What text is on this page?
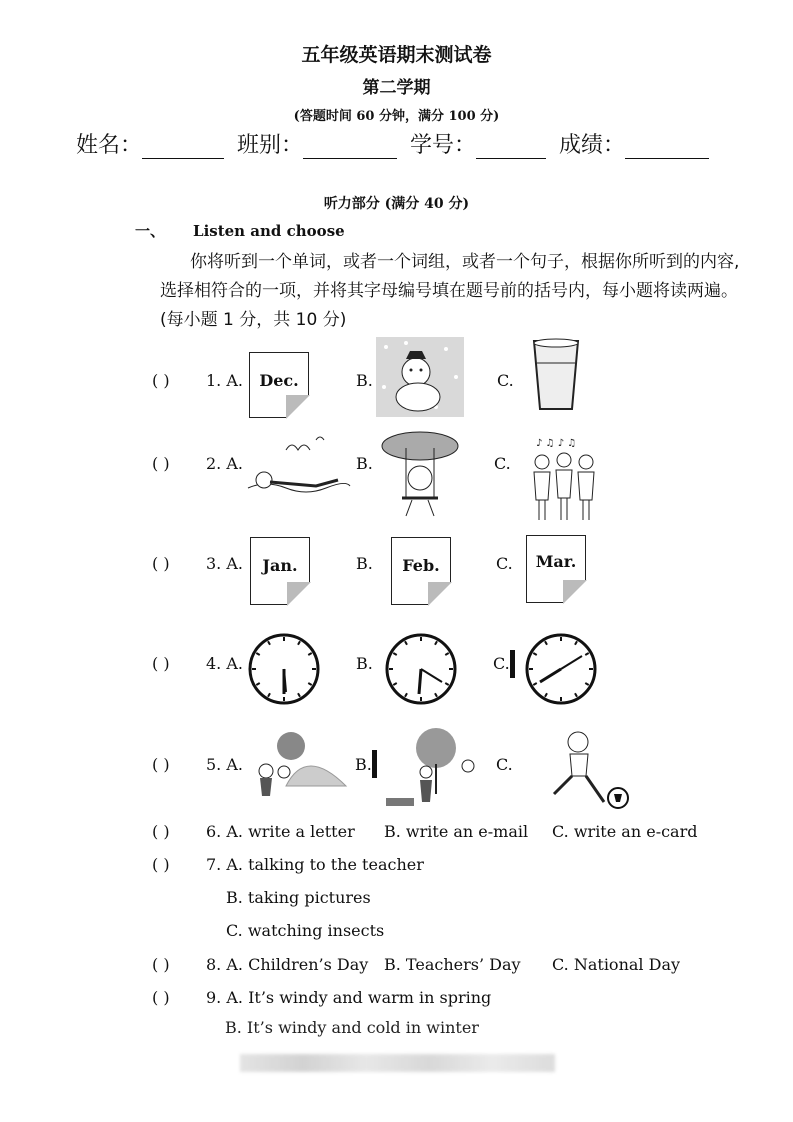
五年级英语期末测试卷
第二学期
(答题时间 60 分钟，满分 100 分)
姓名：	班别：	学号：	成绩：
听力部分 (满分 40 分)
一、 Listen and choose
你将听到一个单词，或者一个词组，或者一个句子，根据你所听到的内容, 选择相符合的一项，并将其字母编号填在题号前的括号内，每小题将读两遍。(每小题 1 分，共 10 分)
( ) 1. A.	Dec.	B.	C.
( ) 2. A.	B.	C.
♪ ♫ ♪ ♫
( ) 3. A.	Jan.	B.	Feb.	C.	Mar.
( ) 4. A.	B.	C.
( ) 5. A.	B.	C.
( ) 6. A. write a letter B. write an e-mail C. write an e-card
( ) 7. A. talking to the teacher
B. taking pictures
C. watching insects
( ) 8. A. Children’s Day B. Teachers’ Day C. National Day
( ) 9. A. It’s windy and warm in spring
B. It’s windy and cold in winter
